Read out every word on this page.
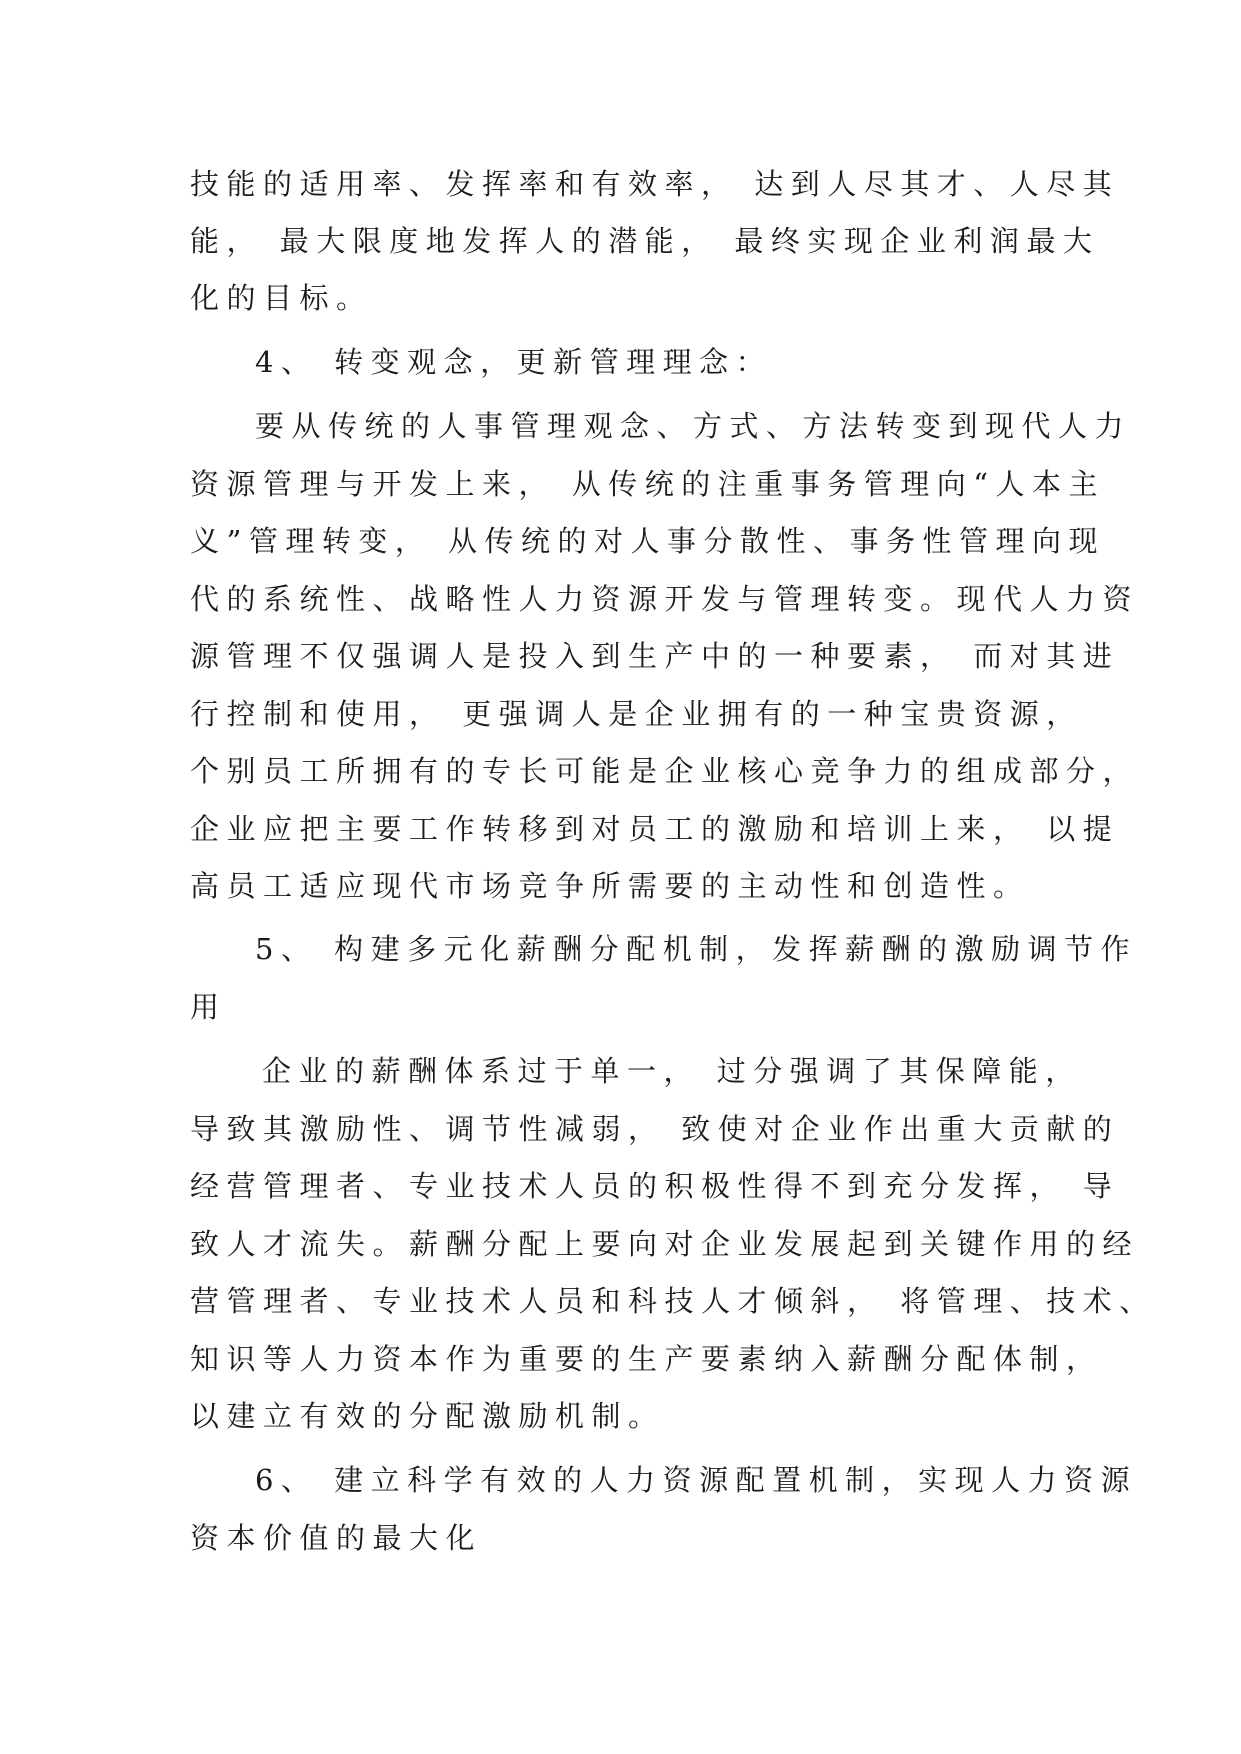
技能的适用率、发挥率和有效率， 达到人尽其才、人尽其

能， 最大限度地发挥人的潜能， 最终实现企业利润最大

化的目标。

4、 转变观念，更新管理理念：

要从传统的人事管理观念、方式、方法转变到现代人力

资源管理与开发上来， 从传统的注重事务管理向“人本主

义”管理转变， 从传统的对人事分散性、事务性管理向现

代的系统性、战略性人力资源开发与管理转变。现代人力资

源管理不仅强调人是投入到生产中的一种要素， 而对其进

行控制和使用， 更强调人是企业拥有的一种宝贵资源，

个别员工所拥有的专长可能是企业核心竞争力的组成部分，

企业应把主要工作转移到对员工的激励和培训上来， 以提

高员工适应现代市场竞争所需要的主动性和创造性。

5、 构建多元化薪酬分配机制，发挥薪酬的激励调节作

用

企业的薪酬体系过于单一， 过分强调了其保障能，

导致其激励性、调节性减弱， 致使对企业作出重大贡献的

经营管理者、专业技术人员的积极性得不到充分发挥， 导

致人才流失。薪酬分配上要向对企业发展起到关键作用的经

营管理者、专业技术人员和科技人才倾斜， 将管理、技术、

知识等人力资本作为重要的生产要素纳入薪酬分配体制，

以建立有效的分配激励机制。

6、 建立科学有效的人力资源配置机制，实现人力资源

资本价值的最大化
